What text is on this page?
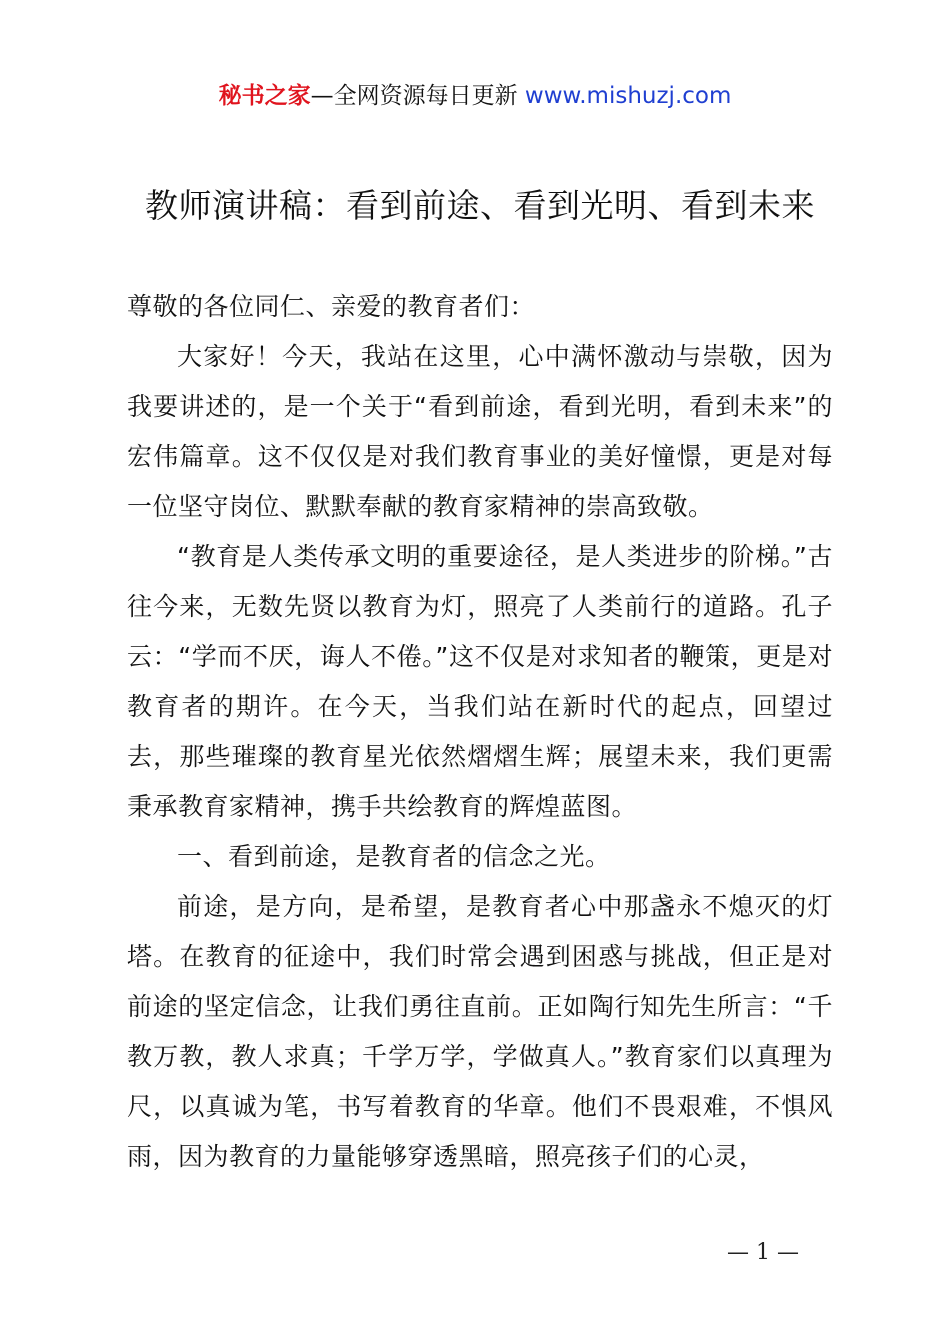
秘书之家—全网资源每日更新 www.mishuzj.com
教师演讲稿：看到前途、看到光明、看到未来

尊敬的各位同仁、亲爱的教育者们：

大家好！今天，我站在这里，心中满怀激动与崇敬，因为我要讲述的，是一个关于“看到前途，看到光明，看到未来”的宏伟篇章。这不仅仅是对我们教育事业的美好憧憬，更是对每一位坚守岗位、默默奉献的教育家精神的崇高致敬。

“教育是人类传承文明的重要途径，是人类进步的阶梯。”古往今来，无数先贤以教育为灯，照亮了人类前行的道路。孔子云：“学而不厌，诲人不倦。”这不仅是对求知者的鞭策，更是对教育者的期许。在今天，当我们站在新时代的起点，回望过去，那些璀璨的教育星光依然熠熠生辉；展望未来，我们更需秉承教育家精神，携手共绘教育的辉煌蓝图。

一、看到前途，是教育者的信念之光。

前途，是方向，是希望，是教育者心中那盏永不熄灭的灯塔。在教育的征途中，我们时常会遇到困惑与挑战，但正是对前途的坚定信念，让我们勇往直前。正如陶行知先生所言：“千教万教，教人求真；千学万学，学做真人。”教育家们以真理为尺，以真诚为笔，书写着教育的华章。他们不畏艰难，不惧风雨，因为教育的力量能够穿透黑暗，照亮孩子们的心灵，

— 1 —
